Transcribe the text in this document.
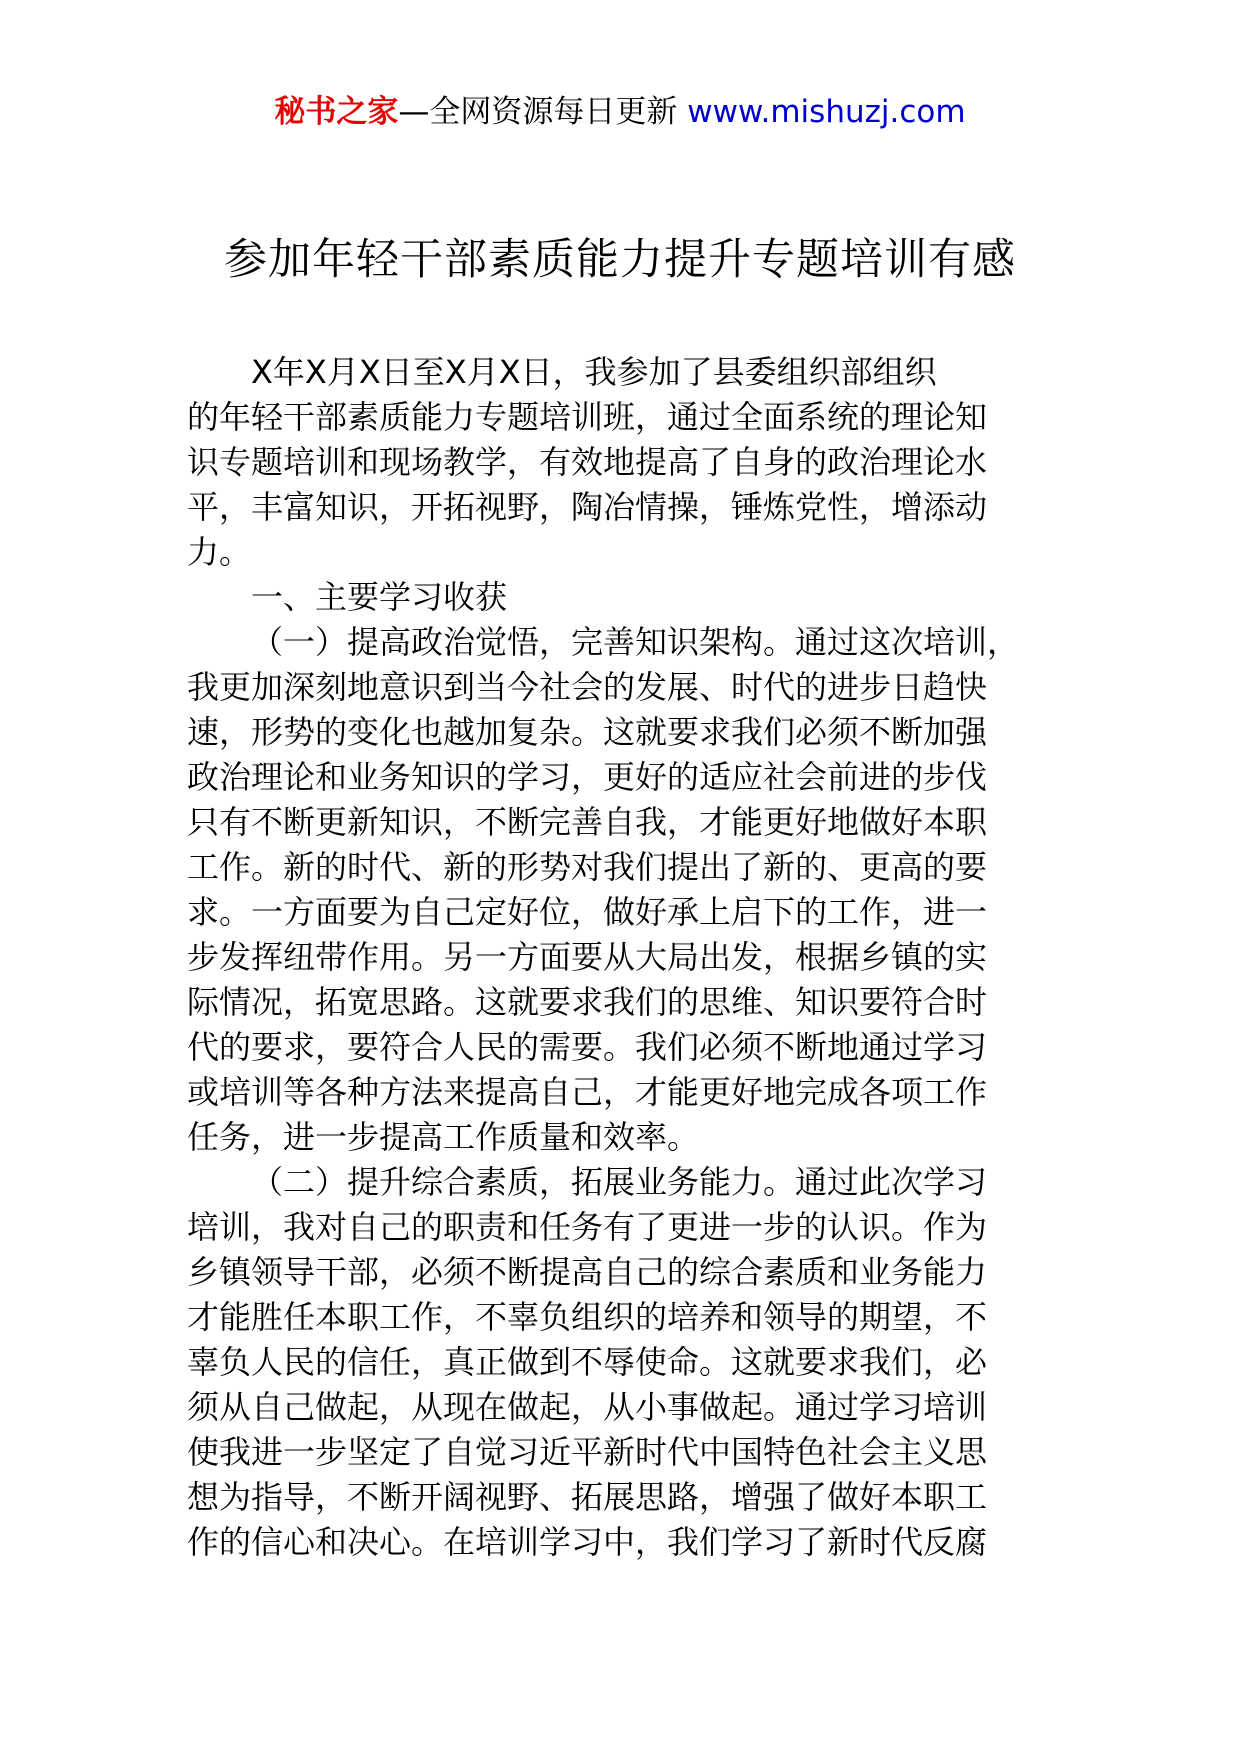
秘书之家—全网资源每日更新 www.mishuzj.com
参加年轻干部素质能力提升专题培训有感
X年X月X日至X月X日，我参加了县委组织部组织
的年轻干部素质能力专题培训班，通过全面系统的理论知
识专题培训和现场教学，有效地提高了自身的政治理论水
平，丰富知识，开拓视野，陶冶情操，锤炼党性，增添动
力。
一、主要学习收获
（一）提高政治觉悟，完善知识架构。通过这次培训，
我更加深刻地意识到当今社会的发展、时代的进步日趋快
速，形势的变化也越加复杂。这就要求我们必须不断加强
政治理论和业务知识的学习，更好的适应社会前进的步伐
只有不断更新知识，不断完善自我，才能更好地做好本职
工作。新的时代、新的形势对我们提出了新的、更高的要
求。一方面要为自己定好位，做好承上启下的工作，进一
步发挥纽带作用。另一方面要从大局出发，根据乡镇的实
际情况，拓宽思路。这就要求我们的思维、知识要符合时
代的要求，要符合人民的需要。我们必须不断地通过学习
或培训等各种方法来提高自己，才能更好地完成各项工作
任务，进一步提高工作质量和效率。
（二）提升综合素质，拓展业务能力。通过此次学习
培训，我对自己的职责和任务有了更进一步的认识。作为
乡镇领导干部，必须不断提高自己的综合素质和业务能力
才能胜任本职工作，不辜负组织的培养和领导的期望，不
辜负人民的信任，真正做到不辱使命。这就要求我们，必
须从自己做起，从现在做起，从小事做起。通过学习培训
使我进一步坚定了自觉习近平新时代中国特色社会主义思
想为指导，不断开阔视野、拓展思路，增强了做好本职工
作的信心和决心。在培训学习中，我们学习了新时代反腐
